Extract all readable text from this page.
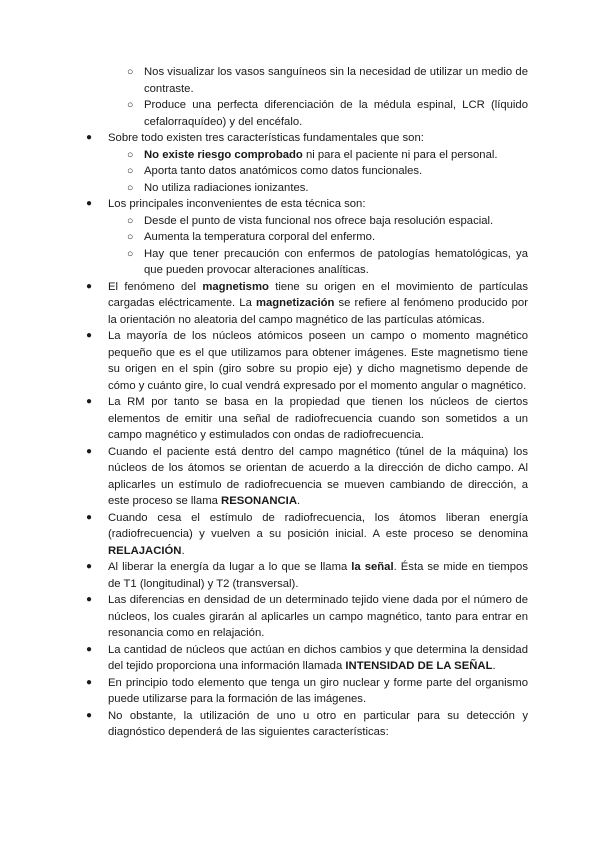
○ Nos visualizar los vasos sanguíneos sin la necesidad de utilizar un medio de contraste.
○ Produce una perfecta diferenciación de la médula espinal, LCR (líquido cefalorraquídeo) y del encéfalo.
● Sobre todo existen tres características fundamentales que son:
○ No existe riesgo comprobado ni para el paciente ni para el personal.
○ Aporta tanto datos anatómicos como datos funcionales.
○ No utiliza radiaciones ionizantes.
● Los principales inconvenientes de esta técnica son:
○ Desde el punto de vista funcional nos ofrece baja resolución espacial.
○ Aumenta la temperatura corporal del enfermo.
○ Hay que tener precaución con enfermos de patologías hematológicas, ya que pueden provocar alteraciones analíticas.
● El fenómeno del magnetismo tiene su origen en el movimiento de partículas cargadas eléctricamente. La magnetización se refiere al fenómeno producido por la orientación no aleatoria del campo magnético de las partículas atómicas.
● La mayoría de los núcleos atómicos poseen un campo o momento magnético pequeño que es el que utilizamos para obtener imágenes. Este magnetismo tiene su origen en el spin (giro sobre su propio eje) y dicho magnetismo depende de cómo y cuánto gire, lo cual vendrá expresado por el momento angular o magnético.
● La RM por tanto se basa en la propiedad que tienen los núcleos de ciertos elementos de emitir una señal de radiofrecuencia cuando son sometidos a un campo magnético y estimulados con ondas de radiofrecuencia.
● Cuando el paciente está dentro del campo magnético (túnel de la máquina) los núcleos de los átomos se orientan de acuerdo a la dirección de dicho campo. Al aplicarles un estímulo de radiofrecuencia se mueven cambiando de dirección, a este proceso se llama RESONANCIA.
● Cuando cesa el estímulo de radiofrecuencia, los átomos liberan energía (radiofrecuencia) y vuelven a su posición inicial. A este proceso se denomina RELAJACIÓN.
● Al liberar la energía da lugar a lo que se llama la señal. Ésta se mide en tiempos de T1 (longitudinal) y T2 (transversal).
● Las diferencias en densidad de un determinado tejido viene dada por el número de núcleos, los cuales girarán al aplicarles un campo magnético, tanto para entrar en resonancia como en relajación.
● La cantidad de núcleos que actúan en dichos cambios y que determina la densidad del tejido proporciona una información llamada INTENSIDAD DE LA SEÑAL.
● En principio todo elemento que tenga un giro nuclear y forme parte del organismo puede utilizarse para la formación de las imágenes.
● No obstante, la utilización de uno u otro en particular para su detección y diagnóstico dependerá de las siguientes características:
